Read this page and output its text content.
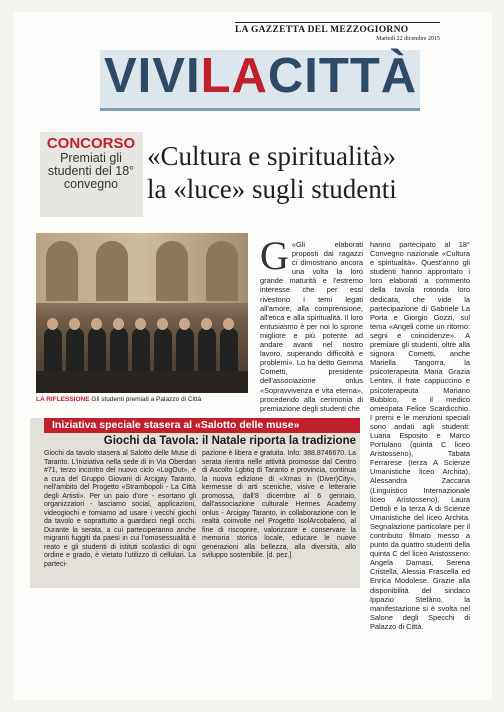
LA GAZZETTA DEL MEZZOGIORNO
Martedì 22 dicembre 2015
VIVILACITTÀ
CONCORSO
Premiati gli studenti del 18° convegno
«Cultura e spiritualità»
la «luce» sugli studenti
LA RIFLESSIONE Gli studenti premiati a Palazzo di Città
G «Gli elaborati proposti dai ragazzi ci dimostrano ancora una volta la loro grande maturità e l'estremo interesse che per essi rivestono i temi legati all'amore, alla comprensione, all'etica e alla spiritualità. Il loro entusiasmo è per noi lo sprone migliore e più potente ad andare avanti nel nostro lavoro, superando difficoltà e problemi». Lo ha detto Gemma Cometti, presidente dell'associazione onlus «Sopravvivenza e vita eterna», procedendo alla cerimonia di premiazione degli studenti che
hanno partecipato al 18° Convegno nazionale «Cultura e spiritualità». Quest'anno gli studenti hanno approntato i loro elaborati a commento della tavola rotonda loro dedicata, che vide la partecipazione di Gabriele La Porta e Giorgio Gozzi, sul tema «Angeli come un ritorno: segni e coincidenze». A premiare gli studenti, oltre alla signora Cometti, anche Mariella Tangorra, la psicoterapeuta Maria Grazia Lentini, il frate cappuccino e psicoterapeuta Mariano Bubbico, e il medico omeopata Felice Scardicchio. I premi e le menzioni speciali sono andati agli studenti: Luana Esposito e Marco Portulano (quinta C liceo Aristosseno), Tabata Ferrarese (terza A Scienze Umanistiche liceo Archita), Alessandra Zaccaria (Linguistico Internazionale liceo Aristosseno), Laura Dettoli e la terza A di Scienze Umanistiche del liceo Archita. Segnalazione particolare per il contributo filmato messo a punto da quattro studenti della quinta C del liceo Aristosseno: Angela Damasi, Serena Cristella, Alessia Frascella ed Enrica Modolese. Grazie alla disponibilità del sindaco Ippazio Stefàno, la manifestazione si è svolta nel Salone degli Specchi di Palazzo di Città.
Iniziativa speciale stasera al «Salotto delle muse»
Giochi da Tavola: il Natale riporta la tradizione
Giochi da tavolo stasera al Salotto delle Muse di Taranto. L'iniziativa nella sede di in Via Oberdan #71, terzo incontro del nuovo ciclo «LogOut», è a cura del Gruppo Giovani di Arcigay Taranto, nell'ambito del Progetto «Strambopoli - La Città degli Artisti». Per un paio d'ore - esortano gli organizzatori - lasciamo social, applicazioni, videogiochi e torniamo ad usare i vecchi giochi da tavolo e soprattutto a guardarci negli occhi. Durante la serata, a cui parteciperanno anche migranti fuggiti da paesi in cui l'omosessualità è reato e gli studenti di istituti scolastici di ogni ordine e grado, è vietato l'utilizzo di cellulari. La parteci-
pazione è libera e gratuita. Info: 388.8746670. La serata rientra nelle attività promosse dal Centro di Ascolto Lgbtiq di Taranto e provincia, continua la nuova edizione di «Xmas in (Diver)City», kermesse di arti sceniche, visive e letterarie promossa, dall'8 dicembre al 6 gennaio, dall'associazione culturale Hermes Academy onlus - Arcigay Taranto, in collaborazione con le realtà coinvolte nel Progetto IsolArcobaleno, al fine di riscoprire, valorizzare e conservare la memoria storica locale, educare le nuove generazioni alla bellezza, alla diversità, allo sviluppo sostenibile. [d. pez.]
